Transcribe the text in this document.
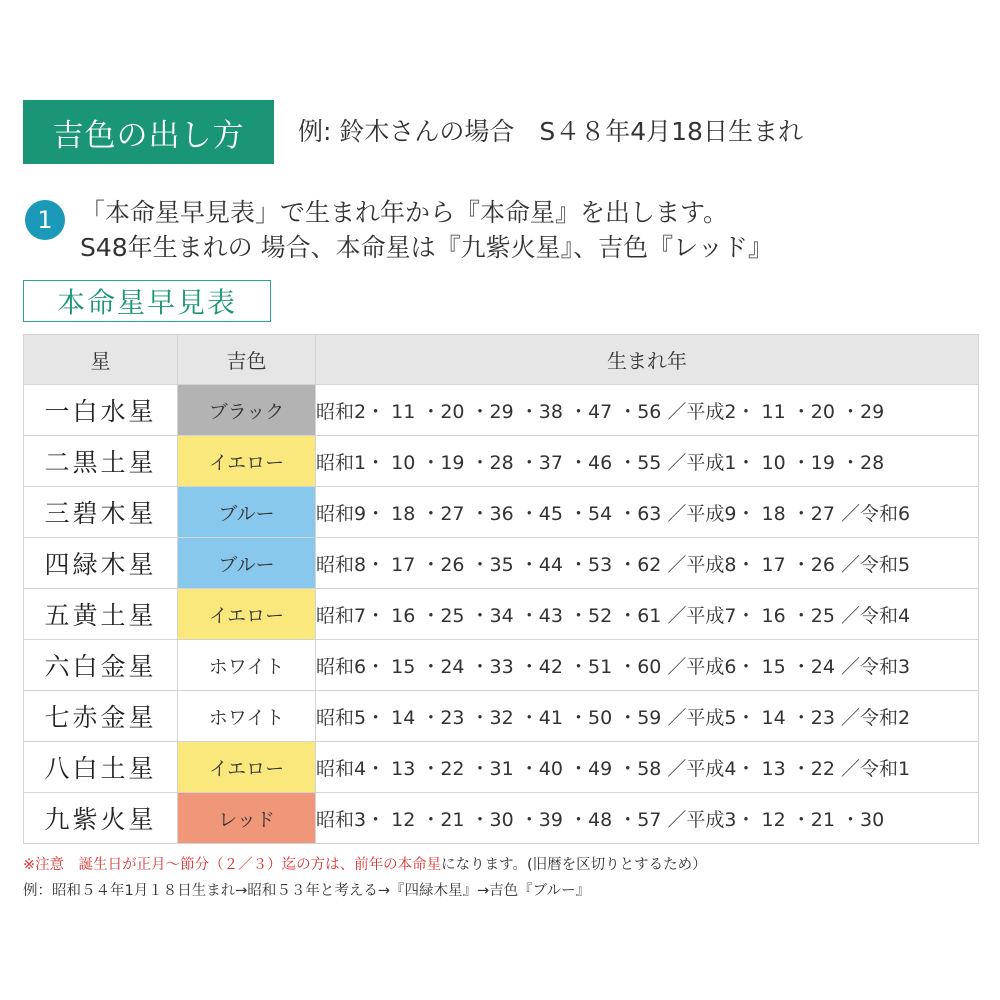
吉色の出し方	例: 鈴木さんの場合　S４８年4月18日生まれ
1	「本命星早見表」で生まれ年から『本命星』を出します。
S48年生まれの 場合、本命星は『九紫火星』、吉色『レッド』
本命星早見表
星	吉色	生まれ年
一白水星	ブラック	昭和2・ 11 ・20 ・29 ・38 ・47 ・56 ／平成2・ 11 ・20 ・29
二黒土星	イエロー	昭和1・ 10 ・19 ・28 ・37 ・46 ・55 ／平成1・ 10 ・19 ・28
三碧木星	ブルー	昭和9・ 18 ・27 ・36 ・45 ・54 ・63 ／平成9・ 18 ・27 ／令和6
四緑木星	ブルー	昭和8・ 17 ・26 ・35 ・44 ・53 ・62 ／平成8・ 17 ・26 ／令和5
五黄土星	イエロー	昭和7・ 16 ・25 ・34 ・43 ・52 ・61 ／平成7・ 16 ・25 ／令和4
六白金星	ホワイト	昭和6・ 15 ・24 ・33 ・42 ・51 ・60 ／平成6・ 15 ・24 ／令和3
七赤金星	ホワイト	昭和5・ 14 ・23 ・32 ・41 ・50 ・59 ／平成5・ 14 ・23 ／令和2
八白土星	イエロー	昭和4・ 13 ・22 ・31 ・40 ・49 ・58 ／平成4・ 13 ・22 ／令和1
九紫火星	レッド	昭和3・ 12 ・21 ・30 ・39 ・48 ・57 ／平成3・ 12 ・21 ・30
※注意　誕生日が正月～節分（２／３）迄の方は、前年の本命星になります。(旧暦を区切りとするため）
例：昭和５４年1月１８日生まれ→昭和５３年と考える→『四緑木星』→吉色『ブルー』
